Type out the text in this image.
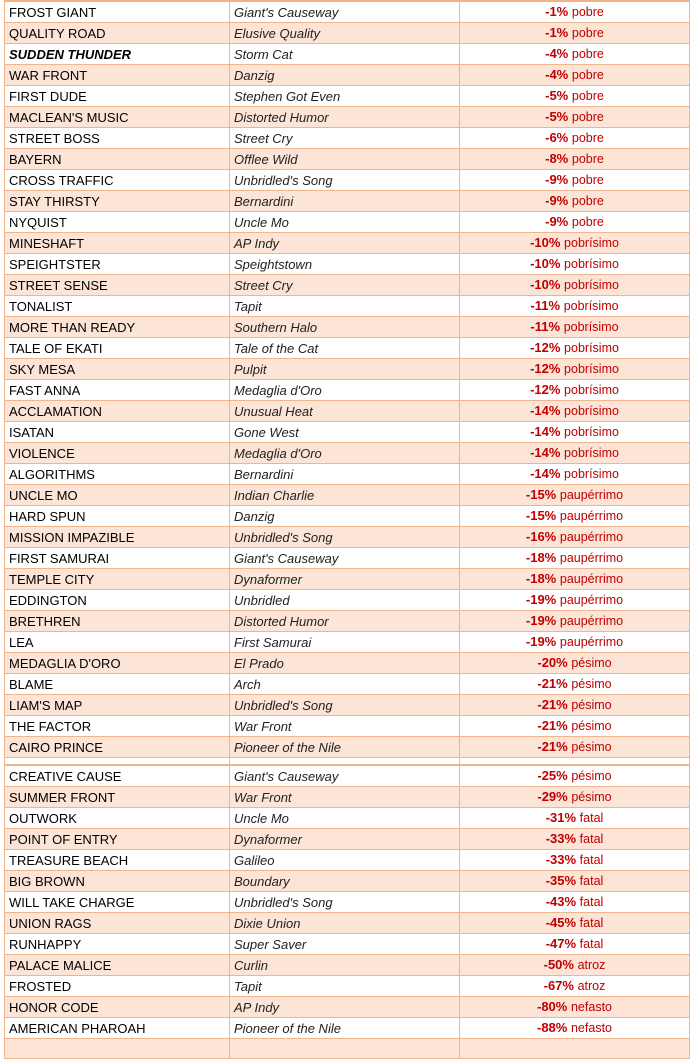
FROST GIANT	Giant's Causeway	-1% pobre
QUALITY ROAD	Elusive Quality	-1% pobre
SUDDEN THUNDER	Storm Cat	-4% pobre
WAR FRONT	Danzig	-4% pobre
FIRST DUDE	Stephen Got Even	-5% pobre
MACLEAN'S MUSIC	Distorted Humor	-5% pobre
STREET BOSS	Street Cry	-6% pobre
BAYERN	Offlee Wild	-8% pobre
CROSS TRAFFIC	Unbridled's Song	-9% pobre
STAY THIRSTY	Bernardini	-9% pobre
NYQUIST	Uncle Mo	-9% pobre
MINESHAFT	AP Indy	-10% pobrísimo
SPEIGHTSTER	Speightstown	-10% pobrísimo
STREET SENSE	Street Cry	-10% pobrísimo
TONALIST	Tapit	-11% pobrísimo
MORE THAN READY	Southern Halo	-11% pobrísimo
TALE OF EKATI	Tale of the Cat	-12% pobrísimo
SKY MESA	Pulpit	-12% pobrísimo
FAST ANNA	Medaglia d'Oro	-12% pobrísimo
ACCLAMATION	Unusual Heat	-14% pobrísimo
ISATAN	Gone West	-14% pobrísimo
VIOLENCE	Medaglia d'Oro	-14% pobrísimo
ALGORITHMS	Bernardini	-14% pobrísimo
UNCLE MO	Indian Charlie	-15% paupérrimo
HARD SPUN	Danzig	-15% paupérrimo
MISSION IMPAZIBLE	Unbridled's Song	-16% paupérrimo
FIRST SAMURAI	Giant's Causeway	-18% paupérrimo
TEMPLE CITY	Dynaformer	-18% paupérrimo
EDDINGTON	Unbridled	-19% paupérrimo
BRETHREN	Distorted Humor	-19% paupérrimo
LEA	First Samurai	-19% paupérrimo
MEDAGLIA D'ORO	El Prado	-20% pésimo
BLAME	Arch	-21% pésimo
LIAM'S MAP	Unbridled's Song	-21% pésimo
THE FACTOR	War Front	-21% pésimo
CAIRO PRINCE	Pioneer of the Nile	-21% pésimo

CREATIVE CAUSE	Giant's Causeway	-25% pésimo
SUMMER FRONT	War Front	-29% pésimo
OUTWORK	Uncle Mo	-31% fatal
POINT OF ENTRY	Dynaformer	-33% fatal
TREASURE BEACH	Galileo	-33% fatal
BIG BROWN	Boundary	-35% fatal
WILL TAKE CHARGE	Unbridled's Song	-43% fatal
UNION RAGS	Dixie Union	-45% fatal
RUNHAPPY	Super Saver	-47% fatal
PALACE MALICE	Curlin	-50% atroz
FROSTED	Tapit	-67% atroz
HONOR CODE	AP Indy	-80% nefasto
AMERICAN PHAROAH	Pioneer of the Nile	-88% nefasto
